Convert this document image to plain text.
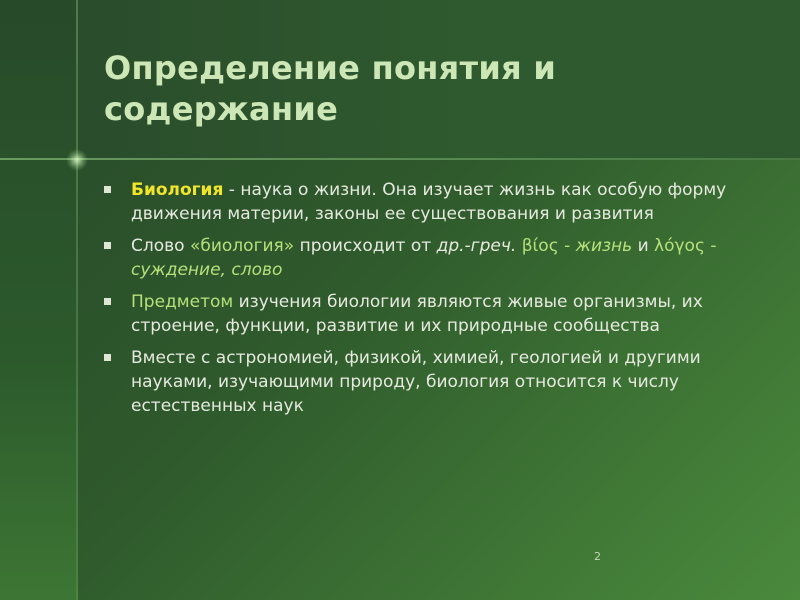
Определение понятия и содержание
Биология - наука о жизни. Она изучает жизнь как особую форму движения материи, законы ее существования и развития
Слово «биология» происходит от др.-греч. βίος - жизнь и λόγος - суждение, слово
Предметом изучения биологии являются живые организмы, их строение, функции, развитие и их природные сообщества
Вместе с астрономией, физикой, химией, геологией и другими науками, изучающими природу, биология относится к числу естественных наук
2
